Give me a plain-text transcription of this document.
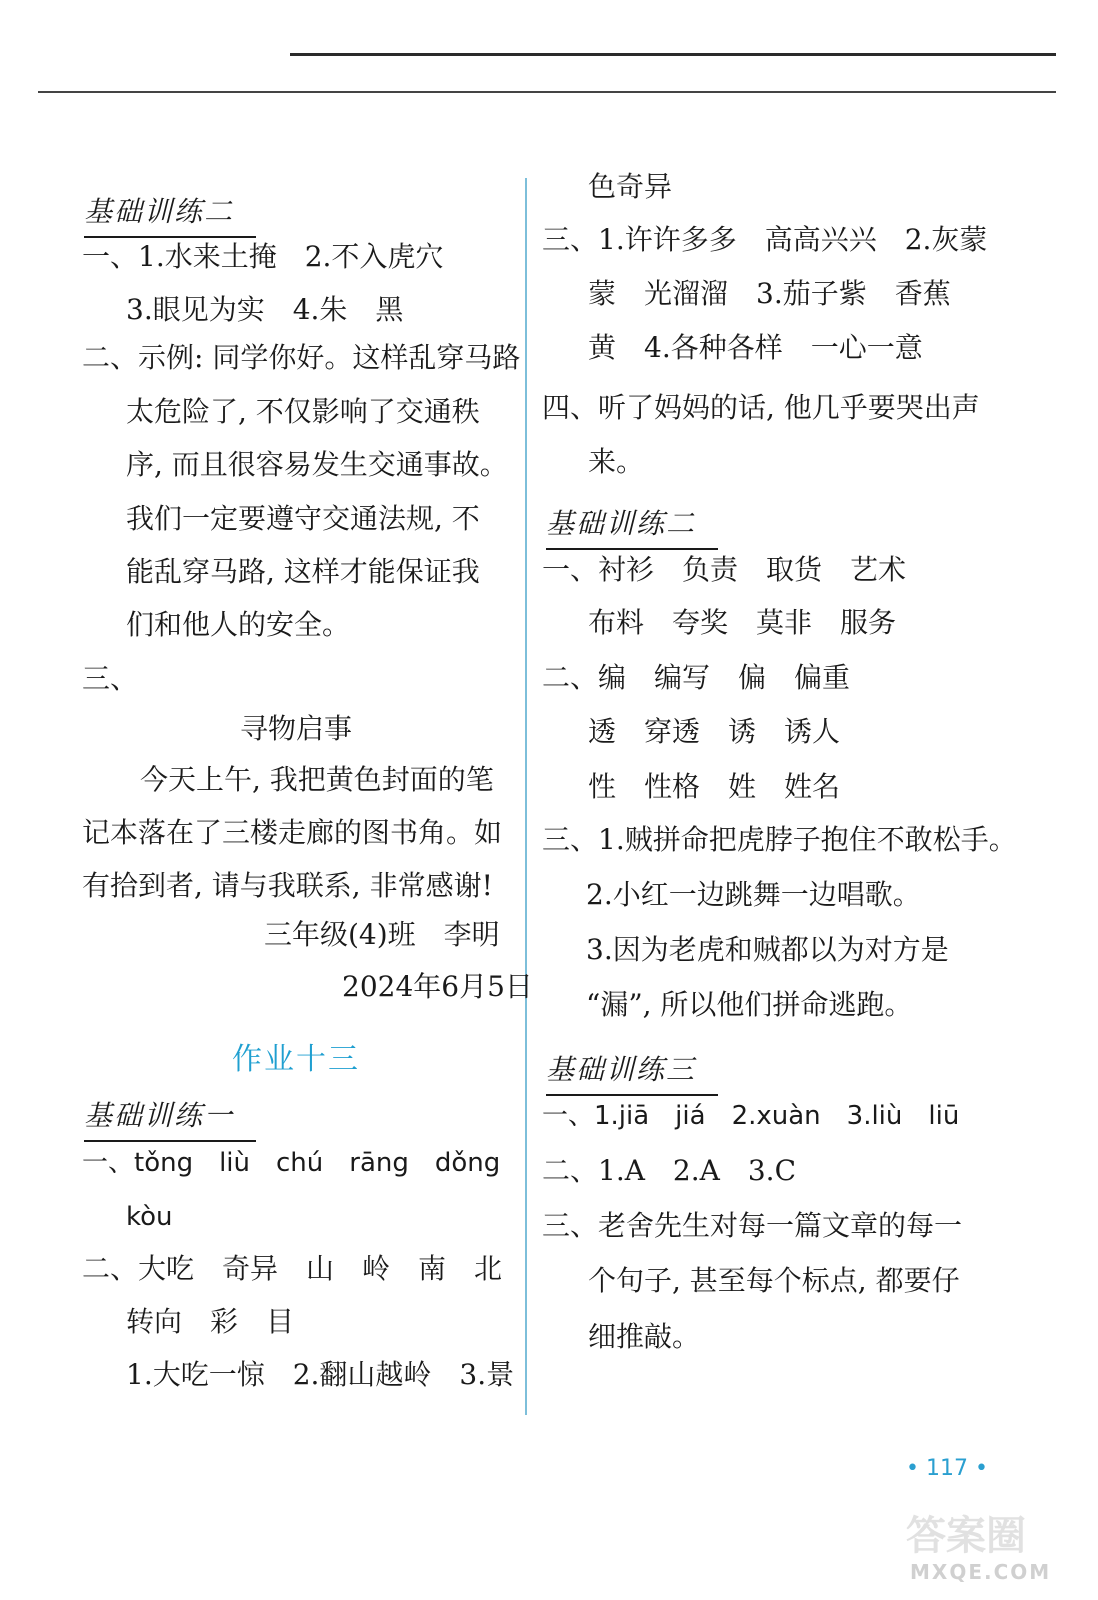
基础训练二
一、1.水来土掩　2.不入虎穴
3.眼见为实　4.朱　黑
二、示例: 同学你好。这样乱穿马路
太危险了, 不仅影响了交通秩
序, 而且很容易发生交通事故。
我们一定要遵守交通法规, 不
能乱穿马路, 这样才能保证我
们和他人的安全。
三、
寻物启事
今天上午, 我把黄色封面的笔
记本落在了三楼走廊的图书角。如
有拾到者, 请与我联系, 非常感谢!
三年级(4)班　李明
2024年6月5日
作业十三
基础训练一
一、tǒng　liù　chú　rāng　dǒng
kòu
二、大吃　奇异　山　岭　南　北
转向　彩　目
1.大吃一惊　2.翻山越岭　3.景
色奇异
三、1.许许多多　高高兴兴　2.灰蒙
蒙　光溜溜　3.茄子紫　香蕉
黄　4.各种各样　一心一意
四、听了妈妈的话, 他几乎要哭出声
来。
基础训练二
一、衬衫　负责　取货　艺术
布料　夸奖　莫非　服务
二、编　编写　偏　偏重
透　穿透　诱　诱人
性　性格　姓　姓名
三、1.贼拼命把虎脖子抱住不敢松手。
2.小红一边跳舞一边唱歌。
3.因为老虎和贼都以为对方是
“漏”, 所以他们拼命逃跑。
基础训练三
一、1.jiā　jiá　2.xuàn　3.liù　liū
二、1.A　2.A　3.C
三、老舍先生对每一篇文章的每一
个句子, 甚至每个标点, 都要仔
细推敲。
• 117 •
答案圈
MXQE.COM
